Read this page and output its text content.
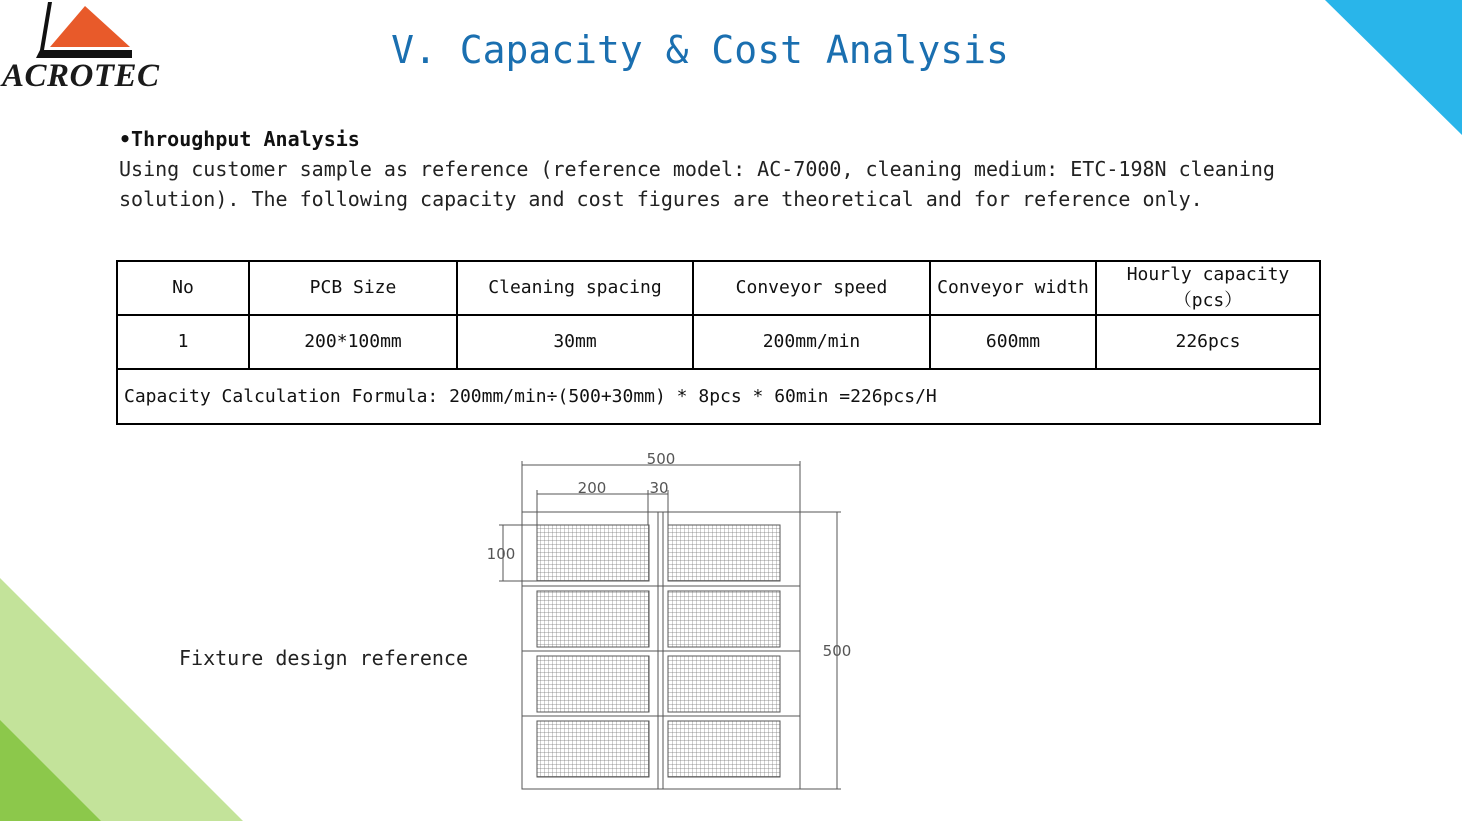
ACROTEC

V. Capacity & Cost Analysis

•Throughput Analysis

Using customer sample as reference (reference model: AC-7000, cleaning medium: ETC-198N cleaning solution). The following capacity and cost figures are theoretical and for reference only.

No	PCB Size	Cleaning spacing	Conveyor speed	Conveyor width	Hourly capacity（pcs）
1	200*100mm	30mm	200mm/min	600mm	226pcs
Capacity Calculation Formula: 200mm/min÷(500+30mm) * 8pcs * 60min =226pcs/H					

Fixture design reference

500
200	30
100
500
